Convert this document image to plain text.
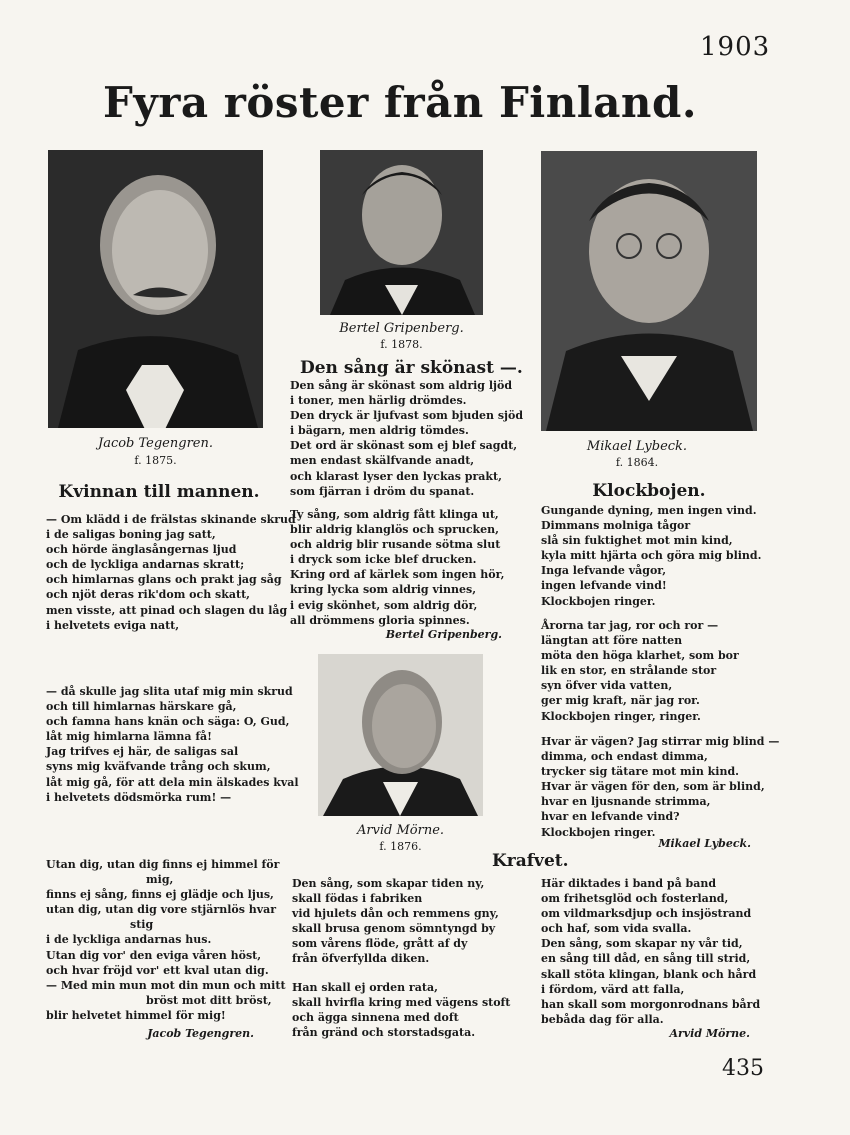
1903
Fyra röster från Finland.
Jacob Tegengren.
f. 1875.
Bertel Gripenberg.
f. 1878.
Mikael Lybeck.
f. 1864.
Arvid Mörne.
f. 1876.
Kvinnan till mannen.
— Om klädd i de frälstas skinande skrud
i de saligas boning jag satt,
och hörde änglasångernas ljud
och de lyckliga andarnas skratt;
och himlarnas glans och prakt jag såg
och njöt deras rik'dom och skatt,
men visste, att pinad och slagen du låg
i helvetets eviga natt,
— då skulle jag slita utaf mig min skrud
och till himlarnas härskare gå,
och famna hans knän och säga: O, Gud,
låt mig himlarna lämna få!
Jag trifves ej här, de saligas sal
syns mig kväfvande trång och skum,
låt mig gå, för att dela min älskades kval
i helvetets dödsmörka rum! —
Utan dig, utan dig finns ej himmel för
mig,
finns ej sång, finns ej glädje och ljus,
utan dig, utan dig vore stjärnlös hvar
stig
i de lyckliga andarnas hus.
Utan dig vor' den eviga våren höst,
och hvar fröjd vor' ett kval utan dig.
— Med min mun mot din mun och mitt
bröst mot ditt bröst,
blir helvetet himmel för mig!
Jacob Tegengren.
Den sång är skönast —.
Den sång är skönast som aldrig ljöd
i toner, men härlig drömdes.
Den dryck är ljufvast som bjuden sjöd
i bägarn, men aldrig tömdes.
Det ord är skönast som ej blef sagdt,
men endast skälfvande anadt,
och klarast lyser den lyckas prakt,
som fjärran i dröm du spanat.
Ty sång, som aldrig fått klinga ut,
blir aldrig klanglös och sprucken,
och aldrig blir rusande sötma slut
i dryck som icke blef drucken.
Kring ord af kärlek som ingen hör,
kring lycka som aldrig vinnes,
i evig skönhet, som aldrig dör,
all drömmens gloria spinnes.
Bertel Gripenberg.
Klockbojen.
Gungande dyning, men ingen vind.
Dimmans molniga tågor
slå sin fuktighet mot min kind,
kyla mitt hjärta och göra mig blind.
Inga lefvande vågor,
ingen lefvande vind!
Klockbojen ringer.
Årorna tar jag, ror och ror —
längtan att före natten
möta den höga klarhet, som bor
lik en stor, en strålande stor
syn öfver vida vatten,
ger mig kraft, när jag ror.
Klockbojen ringer, ringer.
Hvar är vägen? Jag stirrar mig blind —
dimma, och endast dimma,
trycker sig tätare mot min kind.
Hvar är vägen för den, som är blind,
hvar en ljusnande strimma,
hvar en lefvande vind?
Klockbojen ringer.
Mikael Lybeck.
Krafvet.
Den sång, som skapar tiden ny,
skall födas i fabriken
vid hjulets dån och remmens gny,
skall brusa genom sömntyngd by
som vårens flöde, grått af dy
från öfverfyllda diken.
Han skall ej orden rata,
skall hvirfla kring med vägens stoft
och ägga sinnena med doft
från gränd och storstadsgata.
Här diktades i band på band
om frihetsglöd och fosterland,
om vildmarksdjup och insjöstrand
och haf, som vida svalla.
Den sång, som skapar ny vår tid,
en sång till dåd, en sång till strid,
skall stöta klingan, blank och hård
i fördom, värd att falla,
han skall som morgonrodnans bård
bebåda dag för alla.
Arvid Mörne.
435
